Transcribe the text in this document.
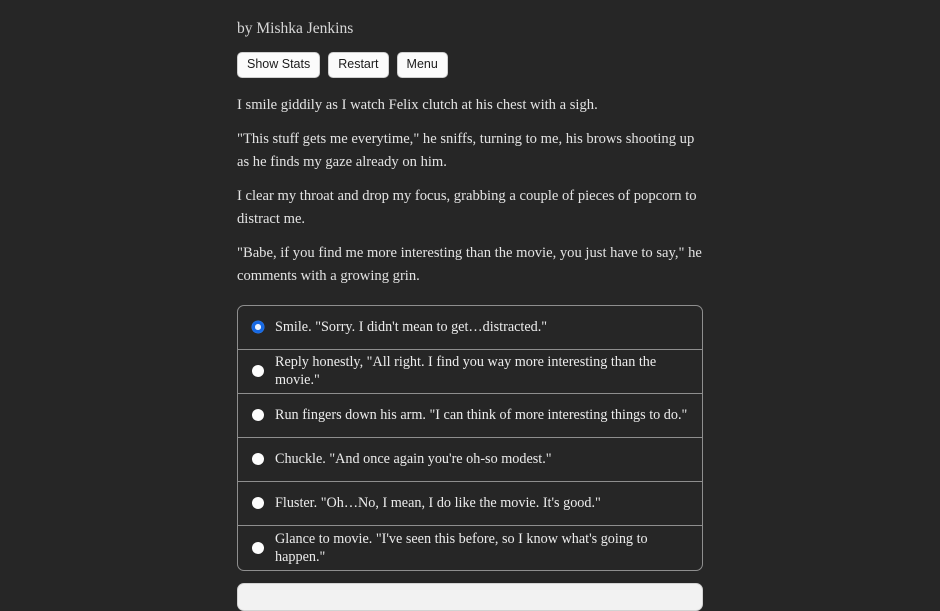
by Mishka Jenkins
Show Stats	Restart	Menu

I smile giddily as I watch Felix clutch at his chest with a sigh.

"This stuff gets me everytime," he sniffs, turning to me, his brows shooting up as he finds my gaze already on him.

I clear my throat and drop my focus, grabbing a couple of pieces of popcorn to distract me.

"Babe, if you find me more interesting than the movie, you just have to say," he comments with a growing grin.

Smile. "Sorry. I didn't mean to get…distracted."
Reply honestly, "All right. I find you way more interesting than the movie."
Run fingers down his arm. "I can think of more interesting things to do."
Chuckle. "And once again you're oh-so modest."
Fluster. "Oh…No, I mean, I do like the movie. It's good."
Glance to movie. "I've seen this before, so I know what's going to happen."
